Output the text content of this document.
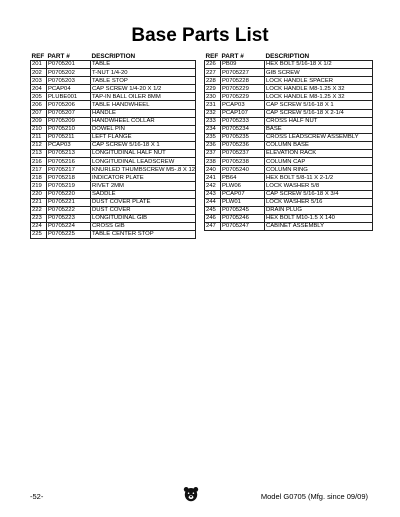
Base Parts List
REF	PART #	DESCRIPTION
201	P0705201	TABLE
202	P0705202	T-NUT 1/4-20
203	P0705203	TABLE STOP
204	PCAP04	CAP SCREW 1/4-20 X 1/2
205	PLUBE001	TAP-IN BALL OILER 8MM
206	P0705206	TABLE HANDWHEEL
207	P0705207	HANDLE
209	P0705209	HANDWHEEL COLLAR
210	P0705210	DOWEL PIN
211	P0705211	LEFT FLANGE
212	PCAP03	CAP SCREW 5/16-18 X 1
213	P0705213	LONGITUDINAL HALF NUT
216	P0705216	LONGITUDINAL LEADSCREW
217	P0705217	KNURLED THUMBSCREW M5-.8 X 12
218	P0705218	INDICATOR PLATE
219	P0705219	RIVET 2MM
220	P0705220	SADDLE
221	P0705221	DUST COVER PLATE
222	P0705222	DUST COVER
223	P0705223	LONGITUDINAL GIB
224	P0705224	CROSS GIB
225	P0705225	TABLE CENTER STOP
REF	PART #	DESCRIPTION
226	PB09	HEX BOLT 5/16-18 X 1/2
227	P0705227	GIB SCREW
228	P0705228	LOCK HANDLE SPACER
229	P0705229	LOCK HANDLE M8-1.25 X 32
230	P0705229	LOCK HANDLE M8-1.25 X 32
231	PCAP03	CAP SCREW 5/16-18 X 1
232	PCAP107	CAP SCREW 5/16-18 X 2-1/4
233	P0705233	CROSS HALF NUT
234	P0705234	BASE
235	P0705235	CROSS LEADSCREW ASSEMBLY
236	P0705236	COLUMN BASE
237	P0705237	ELEVATION RACK
238	P0705238	COLUMN CAP
240	P0705240	COLUMN RING
241	PB64	HEX BOLT 5/8-11 X 2-1/2
242	PLW06	LOCK WASHER 5/8
243	PCAP07	CAP SCREW 5/16-18 X 3/4
244	PLW01	LOCK WASHER 5/16
245	P0705245	DRAIN PLUG
246	P0705246	HEX BOLT M10-1.5 X 140
247	P0705247	CABINET ASSEMBLY
-52-	Model G0705 (Mfg. since 09/09)
